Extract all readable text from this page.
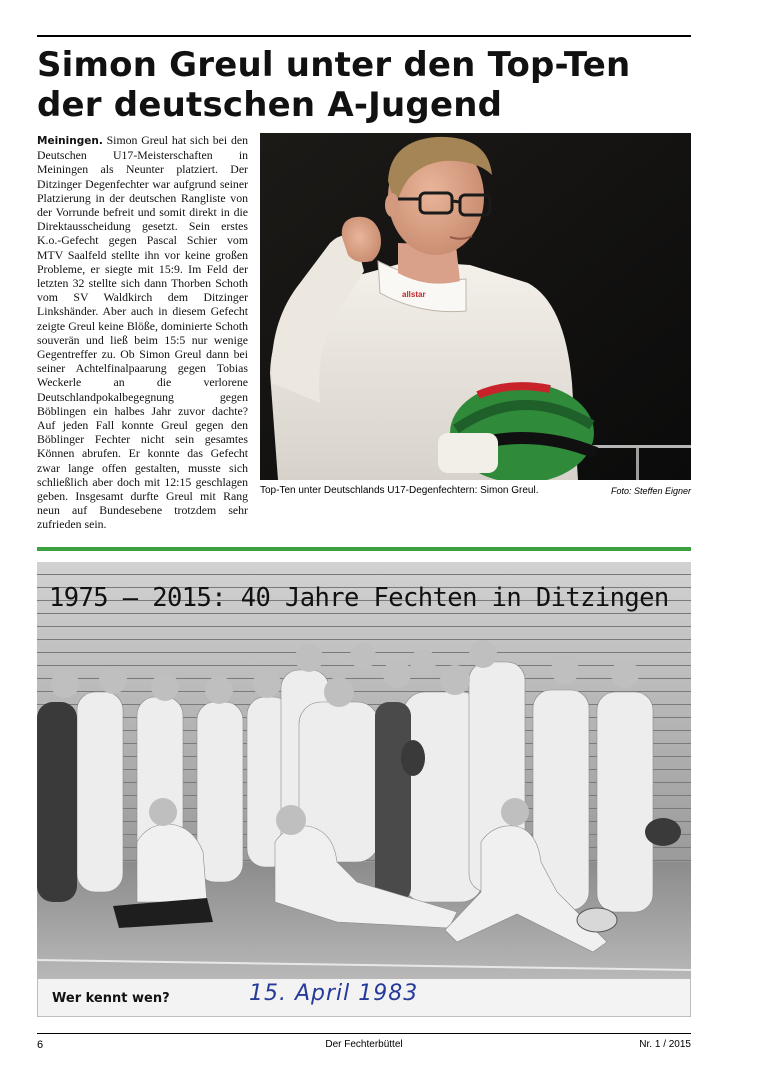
Simon Greul unter den Top-Ten
der deutschen A-Jugend
Meiningen. Simon Greul hat sich bei den Deutschen U17-Meisterschaften in Meiningen als Neunter platziert. Der Ditzinger Degenfechter war aufgrund seiner Platzierung in der deutschen Rangliste von der Vorrunde befreit und somit direkt in die Direktausscheidung gesetzt. Sein erstes K.o.-Gefecht gegen Pascal Schier vom MTV Saalfeld stellte ihn vor keine großen Probleme, er siegte mit 15:9. Im Feld der letzten 32 stellte sich dann Thorben Schoth vom SV Waldkirch dem Ditzinger Linkshänder. Aber auch in diesem Gefecht zeigte Greul keine Blöße, dominierte Schoth souverän und ließ beim 15:5 nur wenige Gegentreffer zu. Ob Simon Greul dann bei seiner Achtelfinalpaarung gegen Tobias Weckerle an die verlorene Deutschlandpokalbegegnung gegen Böblingen ein halbes Jahr zuvor dachte? Auf jeden Fall konnte Greul gegen den Böblinger Fechter nicht sein gesamtes Können abrufen. Er konnte das Gefecht zwar lange offen gestalten, musste sich schließlich aber doch mit 12:15 geschlagen geben. Insgesamt durfte Greul mit Rang neun auf Bundesebene trotzdem sehr zufrieden sein.
allstar
Top-Ten unter Deutschlands U17-Degenfechtern: Simon Greul.	Foto: Steffen Eigner
1975 – 2015: 40 Jahre Fechten in Ditzingen
Wer kennt wen?	15. April 1983
6	Der Fechterbüttel	Nr. 1 / 2015
